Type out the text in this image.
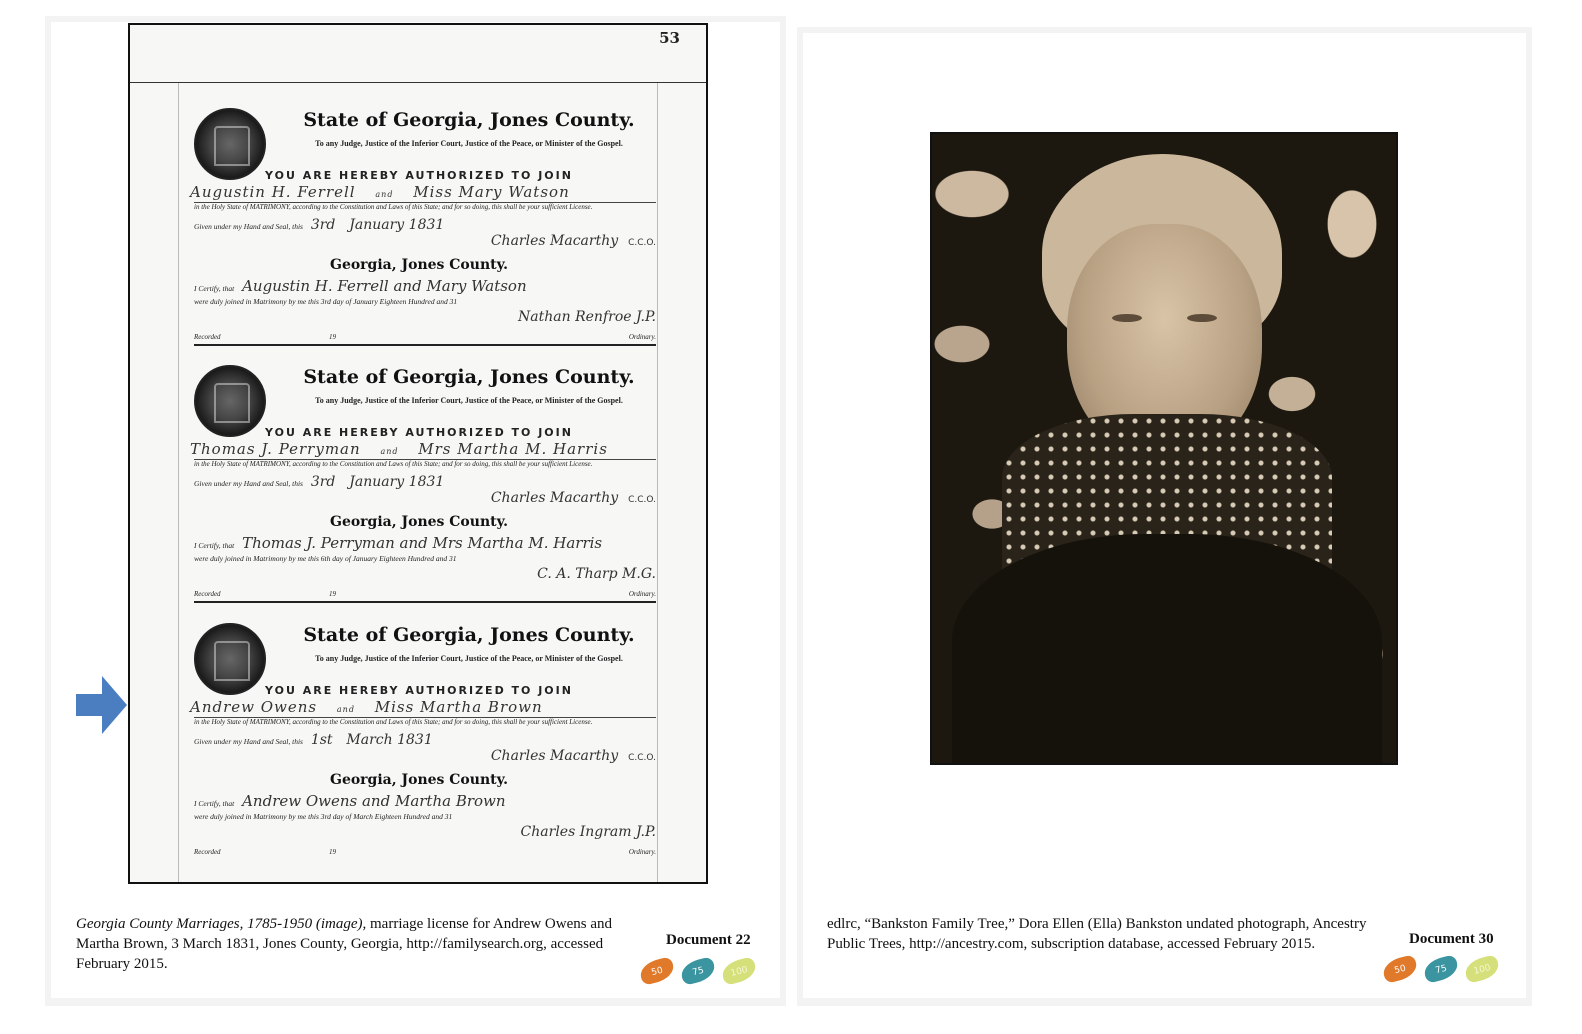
53
State of Georgia, Jones County.
To any Judge, Justice of the Inferior Court, Justice of the Peace, or Minister of the Gospel.
YOU ARE HEREBY AUTHORIZED TO JOIN
Augustin H. Ferrell and Miss Mary Watson
in the Holy State of MATRIMONY, according to the Constitution and Laws of this State; and for so doing, this shall be your sufficient License.
Given under my Hand and Seal, this 3rd January 1831
Charles Macarthy C.C.O.
Georgia, Jones County.
I Certify, that Augustin H. Ferrell and Mary Watson
were duly joined in Matrimony by me this 3rd day of January Eighteen Hundred and 31
Nathan Renfroe J.P.
Recorded	19	Ordinary.
State of Georgia, Jones County.
To any Judge, Justice of the Inferior Court, Justice of the Peace, or Minister of the Gospel.
YOU ARE HEREBY AUTHORIZED TO JOIN
Thomas J. Perryman and Mrs Martha M. Harris
in the Holy State of MATRIMONY, according to the Constitution and Laws of this State; and for so doing, this shall be your sufficient License.
Given under my Hand and Seal, this 3rd January 1831
Charles Macarthy C.C.O.
Georgia, Jones County.
I Certify, that Thomas J. Perryman and Mrs Martha M. Harris
were duly joined in Matrimony by me this 6th day of January Eighteen Hundred and 31
C. A. Tharp M.G.
Recorded	19	Ordinary.
State of Georgia, Jones County.
To any Judge, Justice of the Inferior Court, Justice of the Peace, or Minister of the Gospel.
YOU ARE HEREBY AUTHORIZED TO JOIN
Andrew Owens and Miss Martha Brown
in the Holy State of MATRIMONY, according to the Constitution and Laws of this State; and for so doing, this shall be your sufficient License.
Given under my Hand and Seal, this 1st March 1831
Charles Macarthy C.C.O.
Georgia, Jones County.
I Certify, that Andrew Owens and Martha Brown
were duly joined in Matrimony by me this 3rd day of March Eighteen Hundred and 31
Charles Ingram J.P.
Recorded	19	Ordinary.
Georgia County Marriages, 1785-1950 (image), marriage license for Andrew Owens and Martha Brown, 3 March 1831, Jones County, Georgia, http://familysearch.org, accessed February 2015.
Document 22
50	75	100
edlrc, “Bankston Family Tree,” Dora Ellen (Ella) Bankston undated photograph, Ancestry Public Trees, http://ancestry.com, subscription database, accessed February 2015.	Document 30
50	75	100
